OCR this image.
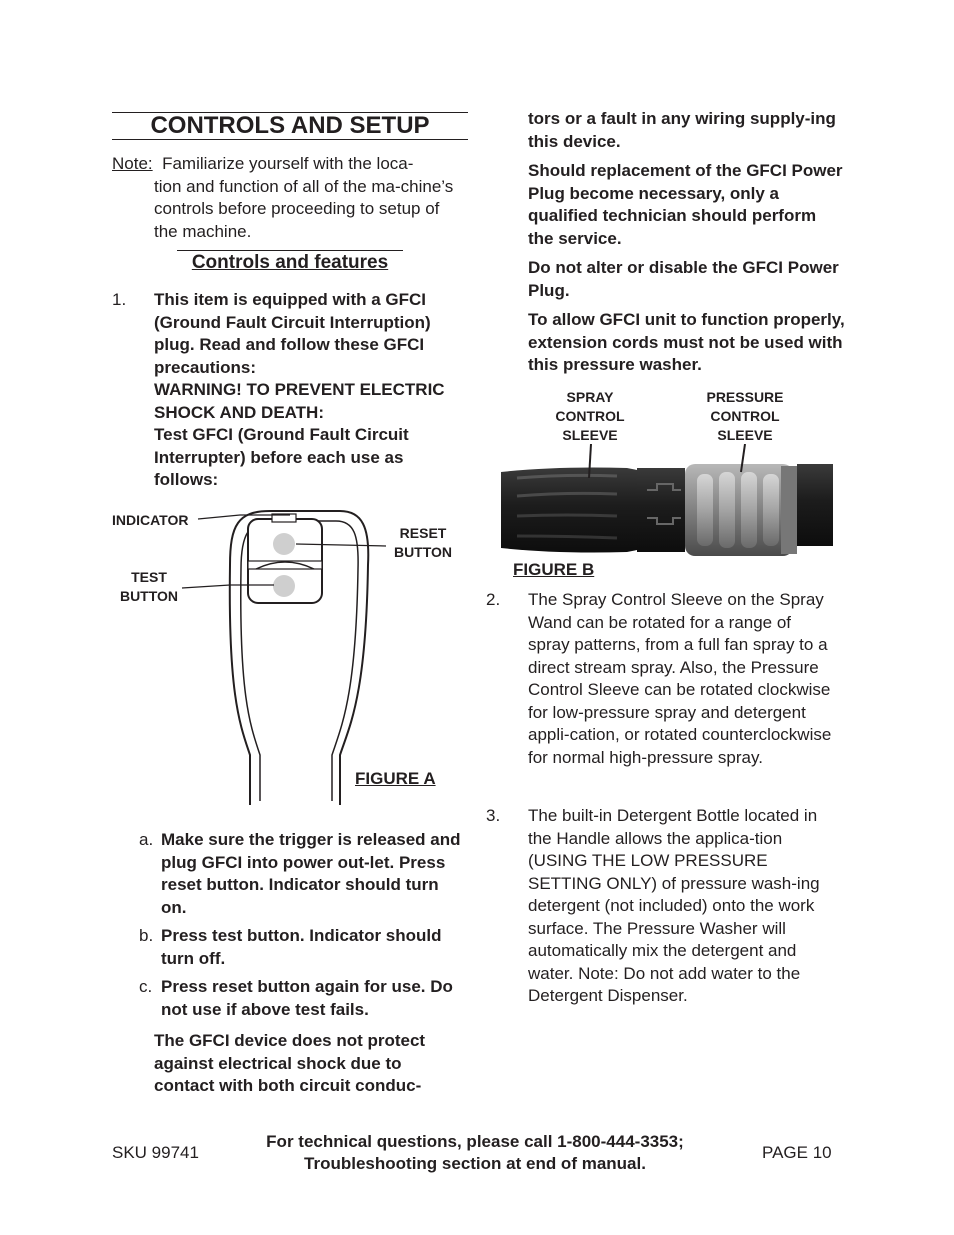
CONTROLS AND SETUP
Note: Familiarize yourself with the loca-
tion and function of all of the ma-chine’s controls before proceeding to setup of the machine.
Controls and features
1.	This item is equipped with a GFCI (Ground Fault Circuit Interruption) plug. Read and follow these GFCI precautions:
WARNING! TO PREVENT ELECTRIC SHOCK AND DEATH:
Test GFCI (Ground Fault Circuit Interrupter) before each use as follows:
INDICATOR
RESET
BUTTON
TEST
BUTTON
FIGURE A
a. Make sure the trigger is released and plug GFCI into power out-let. Press reset button. Indicator should turn on.
b. Press test button. Indicator should turn off.
c. Press reset button again for use. Do not use if above test fails.
The GFCI device does not protect against electrical shock due to contact with both circuit conduc-
tors or a fault in any wiring supply-ing this device.
Should replacement of the GFCI Power Plug become necessary, only a qualified technician should perform the service.
Do not alter or disable the GFCI Power Plug.
To allow GFCI unit to function properly, extension cords must not be used with this pressure washer.
SPRAY
CONTROL
SLEEVE
PRESSURE
CONTROL
SLEEVE
FIGURE B
2.	The Spray Control Sleeve on the Spray Wand can be rotated for a range of spray patterns, from a full fan spray to a direct stream spray. Also, the Pressure Control Sleeve can be rotated clockwise for low-pressure spray and detergent appli-cation, or rotated counterclockwise for normal high-pressure spray.
3.	The built-in Detergent Bottle located in the Handle allows the applica-tion (USING THE LOW PRESSURE SETTING ONLY) of pressure wash-ing detergent (not included) onto the work surface. The Pressure Washer will automatically mix the detergent and water. Note: Do not add water to the Detergent Dispenser.
SKU 99741
For technical questions, please call 1-800-444-3353;
Troubleshooting section at end of manual.
PAGE 10
